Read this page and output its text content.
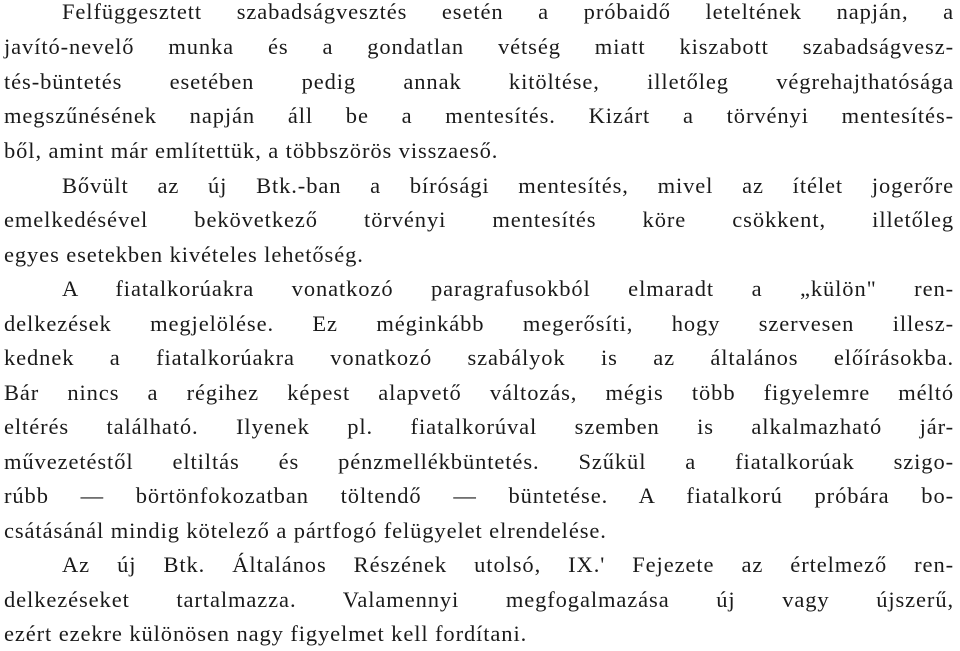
Felfüggesztett szabadságvesztés esetén a próbaidő leteltének napján, a
javító-nevelő munka és a gondatlan vétség miatt kiszabott szabadságvesz-
tés-büntetés esetében pedig annak kitöltése, illetőleg végrehajthatósága
megszűnésének napján áll be a mentesítés. Kizárt a törvényi mentesítés-
ből, amint már említettük, a többszörös visszaeső.
Bővült az új Btk.-ban a bírósági mentesítés, mivel az ítélet jogerőre
emelkedésével bekövetkező törvényi mentesítés köre csökkent, illetőleg
egyes esetekben kivételes lehetőség.
A fiatalkorúakra vonatkozó paragrafusokból elmaradt a „külön" ren-
delkezések megjelölése. Ez méginkább megerősíti, hogy szervesen illesz-
kednek a fiatalkorúakra vonatkozó szabályok is az általános előírásokba.
Bár nincs a régihez képest alapvető változás, mégis több figyelemre méltó
eltérés található. Ilyenek pl. fiatalkorúval szemben is alkalmazható jár-
művezetéstől eltiltás és pénzmellékbüntetés. Szűkül a fiatalkorúak szigo-
rúbb — börtönfokozatban töltendő — büntetése. A fiatalkorú próbára bo-
csátásánál mindig kötelező a pártfogó felügyelet elrendelése.
Az új Btk. Általános Részének utolsó, IX.' Fejezete az értelmező ren-
delkezéseket tartalmazza. Valamennyi megfogalmazása új vagy újszerű,
ezért ezekre különösen nagy figyelmet kell fordítani.
